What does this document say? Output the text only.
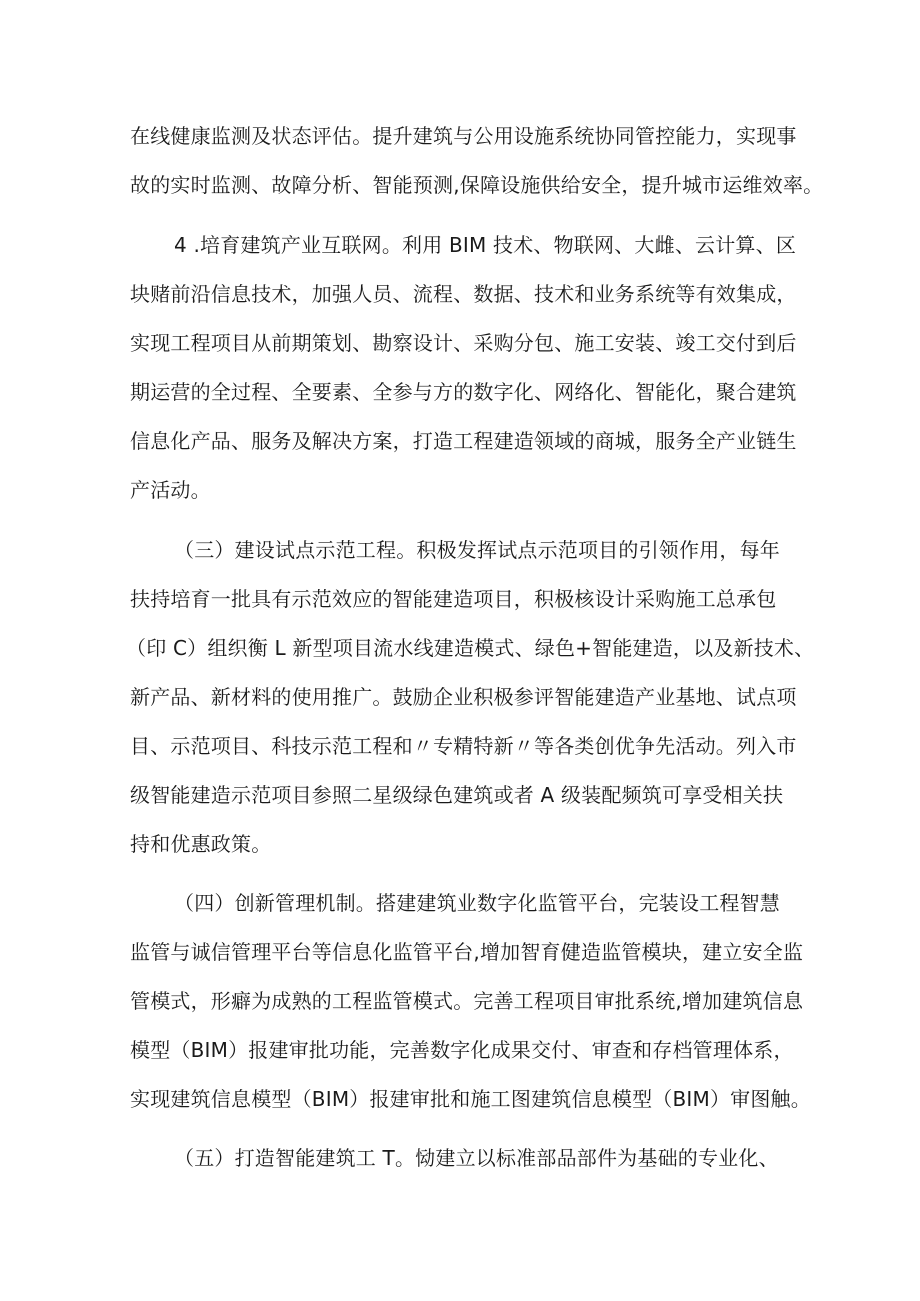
在线健康监测及状态评估。提升建筑与公用设施系统协同管控能力，实现事
故的实时监测、故障分析、智能预测,保障设施供给安全，提升城市运维效率。
4 .培育建筑产业互联网。利用 BIM 技术、物联网、大雌、云计算、区
块赌前沿信息技术，加强人员、流程、数据、技术和业务系统等有效集成，
实现工程项目从前期策划、勘察设计、采购分包、施工安装、竣工交付到后
期运营的全过程、全要素、全参与方的数字化、网络化、智能化，聚合建筑
信息化产品、服务及解决方案，打造工程建造领域的商城，服务全产业链生
产活动。
（三）建设试点示范工程。积极发挥试点示范项目的引领作用，每年
扶持培育一批具有示范效应的智能建造项目，积极核设计采购施工总承包
（印 C）组织衡 L 新型项目流水线建造模式、绿色+智能建造，以及新技术、
新产品、新材料的使用推广。鼓励企业积极参评智能建造产业基地、试点项
目、示范项目、科技示范工程和〃专精特新〃等各类创优争先活动。列入市
级智能建造示范项目参照二星级绿色建筑或者 A 级装配频筑可享受相关扶
持和优惠政策。
（四）创新管理机制。搭建建筑业数字化监管平台，完装设工程智慧
监管与诚信管理平台等信息化监管平台,增加智育健造监管模块，建立安全监
管模式，形癖为成熟的工程监管模式。完善工程项目审批系统,增加建筑信息
模型（BIM）报建审批功能，完善数字化成果交付、审查和存档管理体系，
实现建筑信息模型（BIM）报建审批和施工图建筑信息模型（BIM）审图触。
（五）打造智能建筑工 T。恸建立以标准部品部件为基础的专业化、
